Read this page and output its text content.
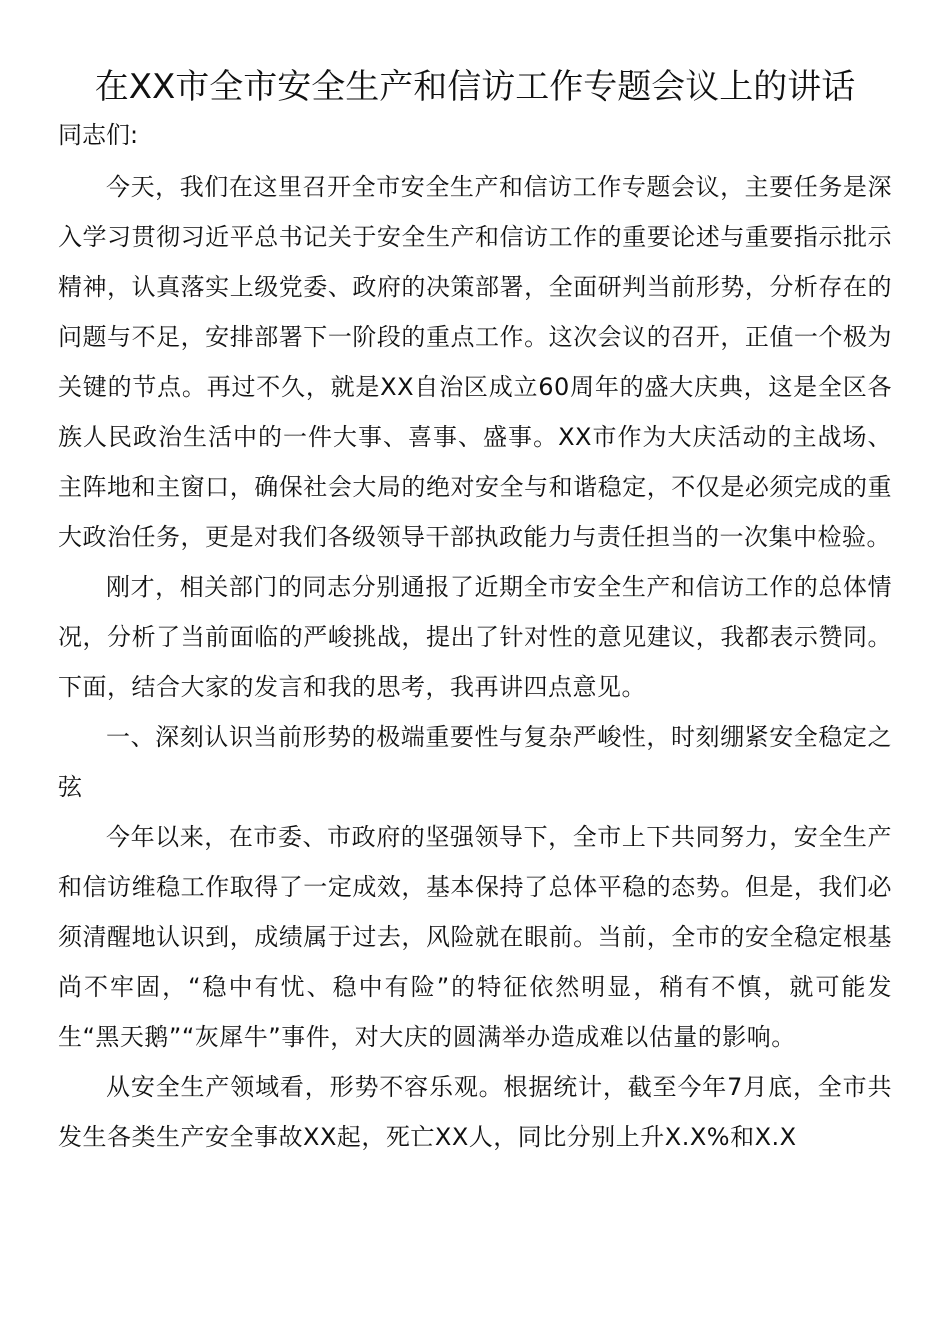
在XX市全市安全生产和信访工作专题会议上的讲话
同志们:

今天，我们在这里召开全市安全生产和信访工作专题会议，主要任务是深入学习贯彻习近平总书记关于安全生产和信访工作的重要论述与重要指示批示精神，认真落实上级党委、政府的决策部署，全面研判当前形势，分析存在的问题与不足，安排部署下一阶段的重点工作。这次会议的召开，正值一个极为关键的节点。再过不久，就是XX自治区成立60周年的盛大庆典，这是全区各族人民政治生活中的一件大事、喜事、盛事。XX市作为大庆活动的主战场、主阵地和主窗口，确保社会大局的绝对安全与和谐稳定，不仅是必须完成的重大政治任务，更是对我们各级领导干部执政能力与责任担当的一次集中检验。

刚才，相关部门的同志分别通报了近期全市安全生产和信访工作的总体情况，分析了当前面临的严峻挑战，提出了针对性的意见建议，我都表示赞同。下面，结合大家的发言和我的思考，我再讲四点意见。

一、深刻认识当前形势的极端重要性与复杂严峻性，时刻绷紧安全稳定之弦

今年以来，在市委、市政府的坚强领导下，全市上下共同努力，安全生产和信访维稳工作取得了一定成效，基本保持了总体平稳的态势。但是，我们必须清醒地认识到，成绩属于过去，风险就在眼前。当前，全市的安全稳定根基尚不牢固，“稳中有忧、稳中有险”的特征依然明显，稍有不慎，就可能发生“黑天鹅”“灰犀牛”事件，对大庆的圆满举办造成难以估量的影响。

从安全生产领域看，形势不容乐观。根据统计，截至今年7月底，全市共发生各类生产安全事故XX起，死亡XX人，同比分别上升X.X%和X.X
